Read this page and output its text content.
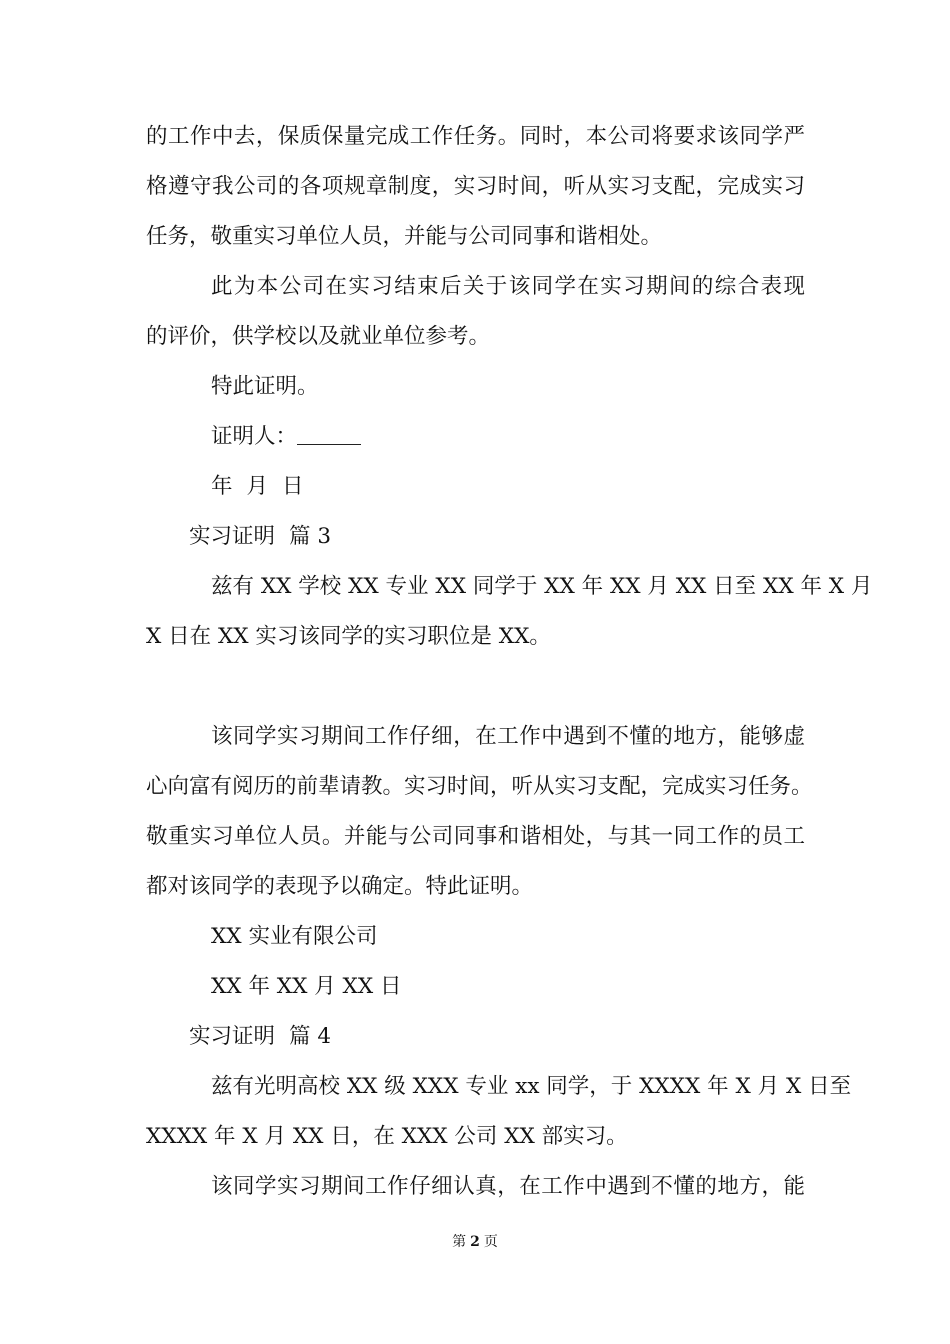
的工作中去，保质保量完成工作任务。同时，本公司将要求该同学严
格遵守我公司的各项规章制度，实习时间，听从实习支配，完成实习
任务，敬重实习单位人员，并能与公司同事和谐相处。
此为本公司在实习结束后关于该同学在实习期间的综合表现
的评价，供学校以及就业单位参考。
特此证明。
证明人：
年 月 日
实习证明 篇 3
兹有 XX 学校 XX 专业 XX 同学于 XX 年 XX 月 XX 日至 XX 年 X 月
X 日在 XX 实习该同学的实习职位是 XX。
该同学实习期间工作仔细，在工作中遇到不懂的地方，能够虚
心向富有阅历的前辈请教。实习时间，听从实习支配，完成实习任务。
敬重实习单位人员。并能与公司同事和谐相处，与其一同工作的员工
都对该同学的表现予以确定。特此证明。
XX 实业有限公司
XX 年 XX 月 XX 日
实习证明 篇 4
兹有光明高校 XX 级 XXX 专业 xx 同学，于 XXXX 年 X 月 X 日至
XXXX 年 X 月 XX 日，在 XXX 公司 XX 部实习。
该同学实习期间工作仔细认真，在工作中遇到不懂的地方，能
第 2 页
